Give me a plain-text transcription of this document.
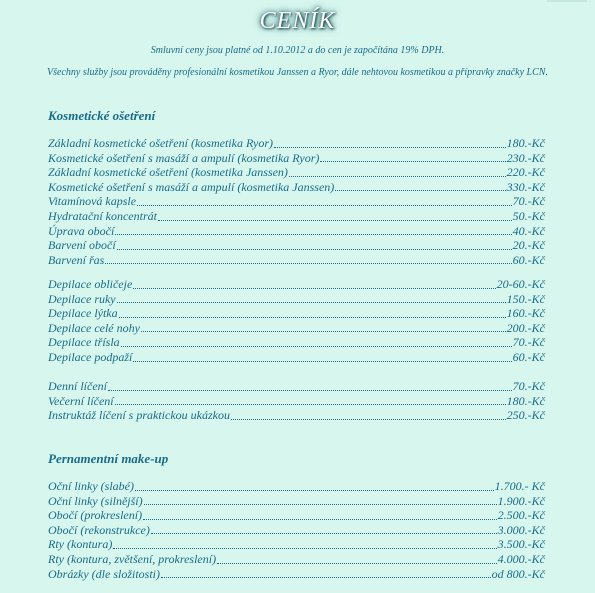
CENÍK
Smluvní ceny jsou platné od 1.10.2012 a do cen je započítána 19% DPH.
Všechny služby jsou prováděny profesionální kosmetikou Janssen a Ryor, dále nehtovou kosmetikou a přípravky značky LCN.
Kosmetické ošetření
Základní kosmetické ošetření (kosmetika Ryor)	180.-Kč
Kosmetické ošetření s masáží a ampulí (kosmetika Ryor)	230.-Kč
Základní kosmetické ošetření (kosmetika Janssen)	220.-Kč
Kosmetické ošetření s masáží a ampulí (kosmetika Janssen)	330.-Kč
Vitamínová kapsle	70.-Kč
Hydratační koncentrát	50.-Kč
Úprava obočí	40.-Kč
Barvení obočí	20.-Kč
Barvení řas	60.-Kč
Depilace obličeje	20-60.-Kč
Depilace ruky	150.-Kč
Depilace lýtka	160.-Kč
Depilace celé nohy	200.-Kč
Depilace třísla	70.-Kč
Depilace podpaží	60.-Kč
Denní líčení	70.-Kč
Večerní líčení	180.-Kč
Instruktáž líčení s praktickou ukázkou	250.-Kč
Pernamentní make-up
Oční linky (slabé)	1.700.- Kč
Oční linky (silnější)	1.900.-Kč
Obočí (prokreslení)	2.500.-Kč
Obočí (rekonstrukce)	3.000.-Kč
Rty (kontura)	3.500.-Kč
Rty (kontura, zvětšení, prokreslení)	4.000.-Kč
Obrázky (dle složitosti)	od 800.-Kč
